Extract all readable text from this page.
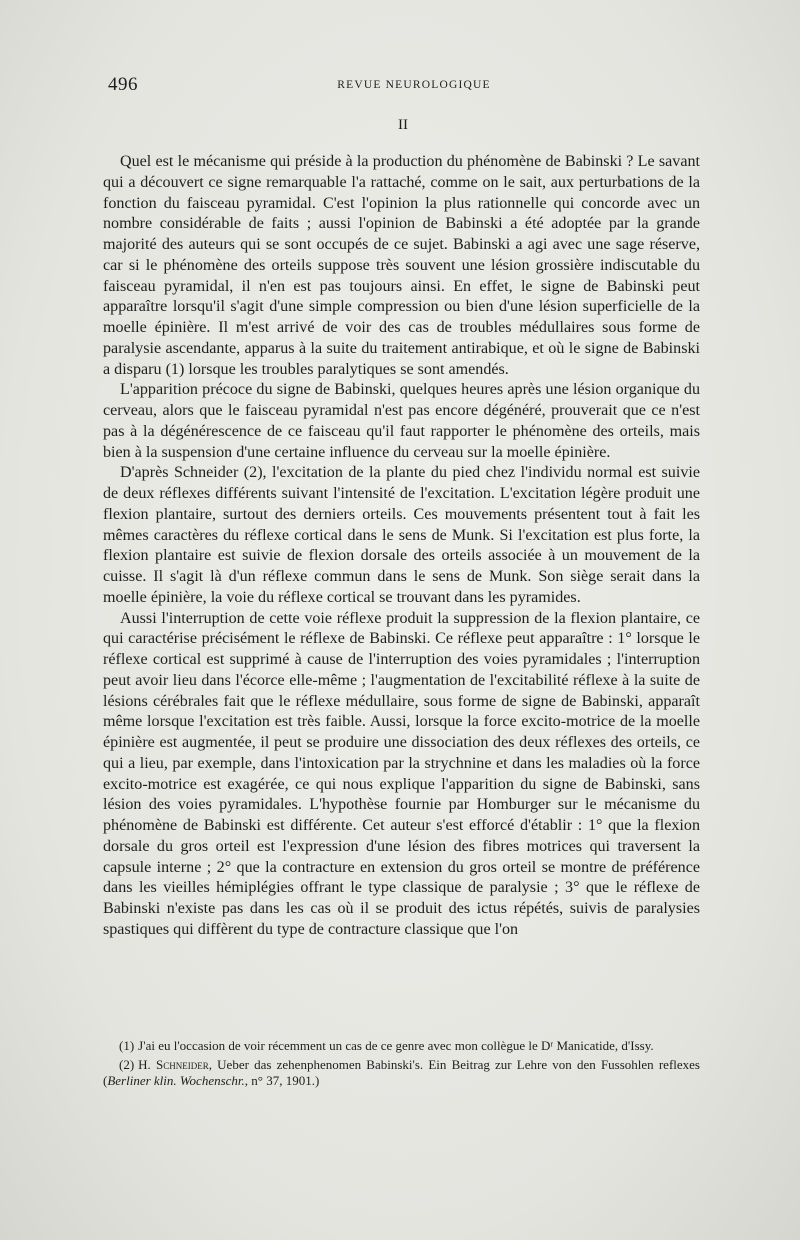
496	REVUE NEUROLOGIQUE
II

Quel est le mécanisme qui préside à la production du phénomène de Babinski ? Le savant qui a découvert ce signe remarquable l'a rattaché, comme on le sait, aux perturbations de la fonction du faisceau pyramidal. C'est l'opinion la plus rationnelle qui concorde avec un nombre considérable de faits ; aussi l'opinion de Babinski a été adoptée par la grande majorité des auteurs qui se sont occupés de ce sujet. Babinski a agi avec une sage réserve, car si le phénomène des orteils suppose très souvent une lésion grossière indiscutable du faisceau pyramidal, il n'en est pas toujours ainsi. En effet, le signe de Babinski peut apparaître lorsqu'il s'agit d'une simple compression ou bien d'une lésion superficielle de la moelle épinière. Il m'est arrivé de voir des cas de troubles médullaires sous forme de paralysie ascendante, apparus à la suite du traitement antirabique, et où le signe de Babinski a disparu (1) lorsque les troubles paralytiques se sont amendés.

L'apparition précoce du signe de Babinski, quelques heures après une lésion organique du cerveau, alors que le faisceau pyramidal n'est pas encore dégénéré, prouverait que ce n'est pas à la dégénérescence de ce faisceau qu'il faut rapporter le phénomène des orteils, mais bien à la suspension d'une certaine influence du cerveau sur la moelle épinière.

D'après Schneider (2), l'excitation de la plante du pied chez l'individu normal est suivie de deux réflexes différents suivant l'intensité de l'excitation. L'excitation légère produit une flexion plantaire, surtout des derniers orteils. Ces mouvements présentent tout à fait les mêmes caractères du réflexe cortical dans le sens de Munk. Si l'excitation est plus forte, la flexion plantaire est suivie de flexion dorsale des orteils associée à un mouvement de la cuisse. Il s'agit là d'un réflexe commun dans le sens de Munk. Son siège serait dans la moelle épinière, la voie du réflexe cortical se trouvant dans les pyramides.

Aussi l'interruption de cette voie réflexe produit la suppression de la flexion plantaire, ce qui caractérise précisément le réflexe de Babinski. Ce réflexe peut apparaître : 1° lorsque le réflexe cortical est supprimé à cause de l'interruption des voies pyramidales ; l'interruption peut avoir lieu dans l'écorce elle-même ; l'augmentation de l'excitabilité réflexe à la suite de lésions cérébrales fait que le réflexe médullaire, sous forme de signe de Babinski, apparaît même lorsque l'excitation est très faible. Aussi, lorsque la force excito-motrice de la moelle épinière est augmentée, il peut se produire une dissociation des deux réflexes des orteils, ce qui a lieu, par exemple, dans l'intoxication par la strychnine et dans les maladies où la force excito-motrice est exagérée, ce qui nous explique l'apparition du signe de Babinski, sans lésion des voies pyramidales. L'hypothèse fournie par Homburger sur le mécanisme du phénomène de Babinski est différente. Cet auteur s'est efforcé d'établir : 1° que la flexion dorsale du gros orteil est l'expression d'une lésion des fibres motrices qui traversent la capsule interne ; 2° que la contracture en extension du gros orteil se montre de préférence dans les vieilles hémiplégies offrant le type classique de paralysie ; 3° que le réflexe de Babinski n'existe pas dans les cas où il se produit des ictus répétés, suivis de paralysies spastiques qui diffèrent du type de contracture classique que l'on

(1) J'ai eu l'occasion de voir récemment un cas de ce genre avec mon collègue le Dʳ Manicatide, d'Issy.

(2) H. Schneider, Ueber das zehenphenomen Babinski's. Ein Beitrag zur Lehre von den Fussohlen reflexes (Berliner klin. Wochenschr., n° 37, 1901.)
